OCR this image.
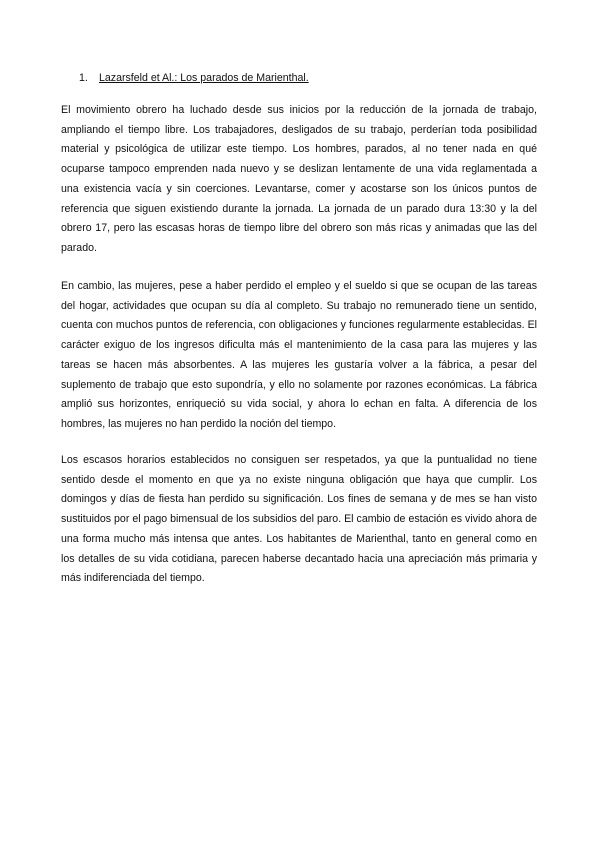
1. Lazarsfeld et Al.: Los parados de Marienthal.

El movimiento obrero ha luchado desde sus inicios por la reducción de la jornada de trabajo, ampliando el tiempo libre. Los trabajadores, desligados de su trabajo, perderían toda posibilidad material y psicológica de utilizar este tiempo. Los hombres, parados, al no tener nada en qué ocuparse tampoco emprenden nada nuevo y se deslizan lentamente de una vida reglamentada a una existencia vacía y sin coerciones. Levantarse, comer y acostarse son los únicos puntos de referencia que siguen existiendo durante la jornada. La jornada de un parado dura 13:30 y la del obrero 17, pero las escasas horas de tiempo libre del obrero son más ricas y animadas que las del parado.

En cambio, las mujeres, pese a haber perdido el empleo y el sueldo si que se ocupan de las tareas del hogar, actividades que ocupan su día al completo. Su trabajo no remunerado tiene un sentido, cuenta con muchos puntos de referencia, con obligaciones y funciones regularmente establecidas. El carácter exiguo de los ingresos dificulta más el mantenimiento de la casa para las mujeres y las tareas se hacen más absorbentes. A las mujeres les gustaría volver a la fábrica, a pesar del suplemento de trabajo que esto supondría, y ello no solamente por razones económicas. La fábrica amplió sus horizontes, enriqueció su vida social, y ahora lo echan en falta. A diferencia de los hombres, las mujeres no han perdido la noción del tiempo.

Los escasos horarios establecidos no consiguen ser respetados, ya que la puntualidad no tiene sentido desde el momento en que ya no existe ninguna obligación que haya que cumplir. Los domingos y días de fiesta han perdido su significación. Los fines de semana y de mes se han visto sustituidos por el pago bimensual de los subsidios del paro. El cambio de estación es vivido ahora de una forma mucho más intensa que antes. Los habitantes de Marienthal, tanto en general como en los detalles de su vida cotidiana, parecen haberse decantado hacia una apreciación más primaria y más indiferenciada del tiempo.
